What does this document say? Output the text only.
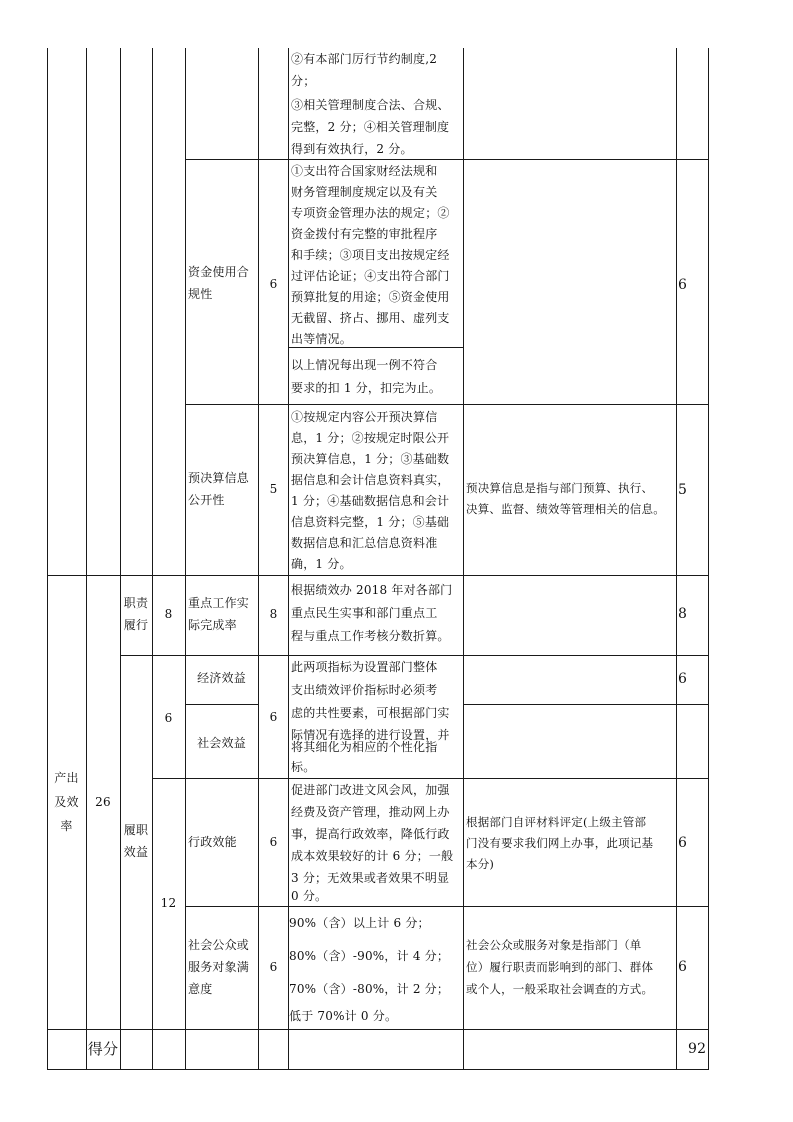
②有本部门厉行节约制度,2
分；
③相关管理制度合法、合规、
完整，2 分；④相关管理制度
得到有效执行，2 分。
资金使用合
规性
6
①支出符合国家财经法规和
财务管理制度规定以及有关
专项资金管理办法的规定；②
资金拨付有完整的审批程序
和手续；③项目支出按规定经
过评估论证；④支出符合部门
预算批复的用途；⑤资金使用
无截留、挤占、挪用、虚列支
出等情况。
以上情况每出现一例不符合
要求的扣 1 分，扣完为止。
6
预决算信息
公开性
5
①按规定内容公开预决算信
息，1 分；②按规定时限公开
预决算信息，1 分；③基础数
据信息和会计信息资料真实，
1 分；④基础数据信息和会计
信息资料完整，1 分；⑤基础
数据信息和汇总信息资料准
确，1 分。
预决算信息是指与部门预算、执行、
决算、监督、绩效等管理相关的信息。
5
产出
及效
率
26
职责
履行
8
重点工作实
际完成率
8
根据绩效办 2018 年对各部门
重点民生实事和部门重点工
程与重点工作考核分数折算。
8
履职
效益
6
12
经济效益
社会效益
6
此两项指标为设置部门整体
支出绩效评价指标时必须考
虑的共性要素，可根据部门实
际情况有选择的进行设置，并
将其细化为相应的个性化指
标。
6
行政效能	6
促进部门改进文风会风，加强
经费及资产管理，推动网上办
事，提高行政效率，降低行政
成本效果较好的计 6 分；一般
3 分；无效果或者效果不明显
0 分。
根据部门自评材料评定(上级主管部
门没有要求我们网上办事，此项记基
本分)
6
社会公众或
服务对象满
意度
6
90%（含）以上计 6 分；
80%（含）-90%，计 4 分；
70%（含）-80%，计 2 分；
低于 70%计 0 分。
社会公众或服务对象是指部门（单
位）履行职责而影响到的部门、群体
或个人，一般采取社会调查的方式。
6
得分	92
